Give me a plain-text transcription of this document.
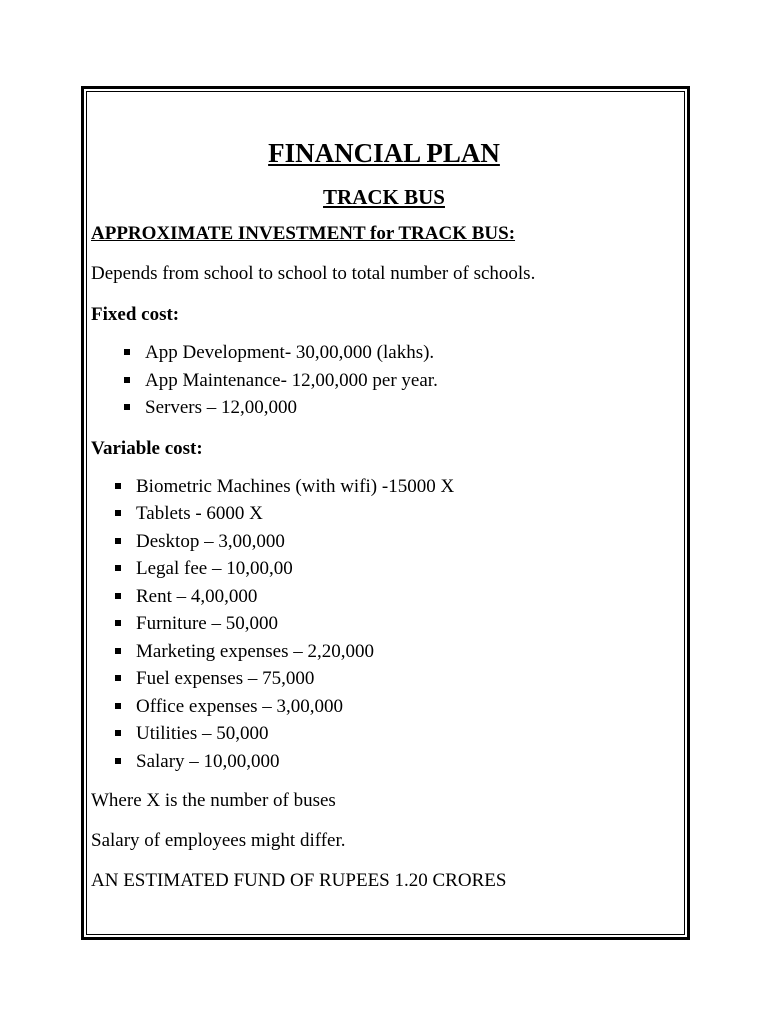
FINANCIAL PLAN
TRACK BUS

APPROXIMATE INVESTMENT for TRACK BUS:

Depends from school to school to total number of schools.

Fixed cost:

App Development- 30,00,000 (lakhs).
App Maintenance- 12,00,000 per year.
Servers – 12,00,000

Variable cost:

Biometric Machines (with wifi) -15000 X
Tablets - 6000 X
Desktop – 3,00,000
Legal fee – 10,00,00
Rent – 4,00,000
Furniture – 50,000
Marketing expenses – 2,20,000
Fuel expenses – 75,000
Office expenses – 3,00,000
Utilities – 50,000
Salary – 10,00,000

Where X is the number of buses

Salary of employees might differ.

AN ESTIMATED FUND OF RUPEES 1.20 CRORES
